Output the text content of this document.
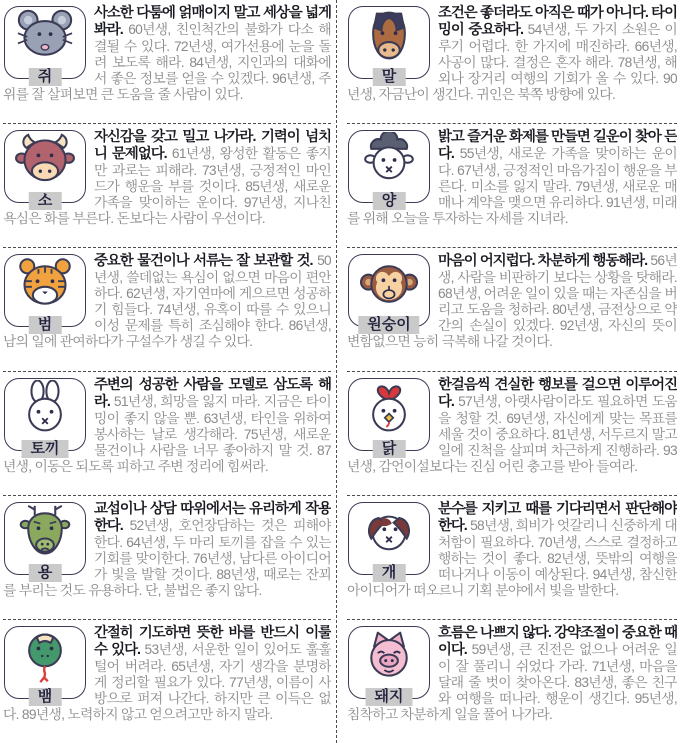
쥐

사소한 다툼에 얽매이지 말고 세상을 넓게 봐라. 60년생, 친인척간의 불화가 다소 해결될 수 있다. 72년생, 여가선용에 눈을 돌려 보도록 해라. 84년생, 지인과의 대화에서 좋은 정보를 얻을 수 있겠다. 96년생, 주위를 잘 살펴보면 큰 도움을 줄 사람이 있다.

소

자신감을 갖고 밀고 나가라. 기력이 넘치니 문제없다. 61년생, 왕성한 활동은 좋지만 과로는 피해라. 73년생, 긍정적인 마인드가 행운을 부를 것이다. 85년생, 새로운 가족을 맞이하는 운이다. 97년생, 지나친 욕심은 화를 부른다. 돈보다는 사람이 우선이다.

범

중요한 물건이나 서류는 잘 보관할 것. 50년생, 쓸데없는 욕심이 없으면 마음이 편안하다. 62년생, 자기연마에 게으르면 성공하기 힘들다. 74년생, 유혹이 따를 수 있으니 이성 문제를 특히 조심해야 한다. 86년생, 남의 일에 관여하다가 구설수가 생길 수 있다.

토끼

주변의 성공한 사람을 모델로 삼도록 해라. 51년생, 희망을 잃지 마라. 지금은 타이밍이 좋지 않을 뿐. 63년생, 타인을 위하여 봉사하는 날로 생각해라. 75년생, 새로운 물건이나 사람을 너무 좋아하지 말 것. 87년생, 이동은 되도록 피하고 주변 정리에 힘써라.

용

교섭이나 상담 따위에서는 유리하게 작용한다. 52년생, 호언장담하는 것은 피해야 한다. 64년생, 두 마리 토끼를 잡을 수 있는 기회를 맞이한다. 76년생, 남다른 아이디어가 빛을 발할 것이다. 88년생, 때로는 잔꾀를 부리는 것도 유용하다. 단, 불법은 좋지 않다.

뱀

간절히 기도하면 뜻한 바를 반드시 이룰 수 있다. 53년생, 서운한 일이 있어도 훌훌 털어 버려라. 65년생, 자기 생각을 분명하게 정리할 필요가 있다. 77년생, 이름이 사방으로 퍼져 나간다. 하지만 큰 이득은 없다. 89년생, 노력하지 않고 얻으려고만 하지 말라.

말

조건은 좋더라도 아직은 때가 아니다. 타이밍이 중요하다. 54년생, 두 가지 소원은 이루기 어렵다. 한 가지에 매진하라. 66년생, 사공이 많다. 결정은 혼자 해라. 78년생, 해외나 장거리 여행의 기회가 올 수 있다. 90년생, 자금난이 생긴다. 귀인은 북쪽 방향에 있다.

양

밝고 즐거운 화제를 만들면 길운이 찾아 든다. 55년생, 새로운 가족을 맞이하는 운이다. 67년생, 긍정적인 마음가짐이 행운을 부른다. 미소를 잃지 말라. 79년생, 새로운 매매나 계약을 맺으면 유리하다. 91년생, 미래를 위해 오늘을 투자하는 자세를 지녀라.

원숭이

마음이 어지럽다. 차분하게 행동해라. 56년생, 사람을 비판하기 보다는 상황을 탓해라. 68년생, 어려운 일이 있을 때는 자존심을 버리고 도움을 청하라. 80년생, 금전상으로 약간의 손실이 있겠다. 92년생, 자신의 뜻이 변함없으면 능히 극복해 나갈 것이다.

닭

한걸음씩 견실한 행보를 걸으면 이루어진다. 57년생, 아랫사람이라도 필요하면 도움을 청할 것. 69년생, 자신에게 맞는 목표를 세울 것이 중요하다. 81년생, 서두르지 말고 일에 진척을 살피며 차근하게 진행하라. 93년생, 감언이설보다는 진심 어린 충고를 받아 들여라.

개

분수를 지키고 때를 기다리면서 판단해야 한다. 58년생, 희비가 엇갈리니 신중하게 대처함이 필요하다. 70년생, 스스로 결정하고 행하는 것이 좋다. 82년생, 뜻밖의 여행을 떠나거나 이동이 예상된다. 94년생, 참신한 아이디어가 떠오르니 기획 분야에서 빛을 발한다.

돼지

흐름은 나쁘지 않다. 강약조절이 중요한 때이다. 59년생, 큰 진전은 없으나 어려운 일이 잘 풀리니 쉬었다 가라. 71년생, 마음을 달래 줄 벗이 찾아온다. 83년생, 좋은 친구와 여행을 떠나라. 행운이 생긴다. 95년생, 침착하고 차분하게 일을 풀어 나가라.
